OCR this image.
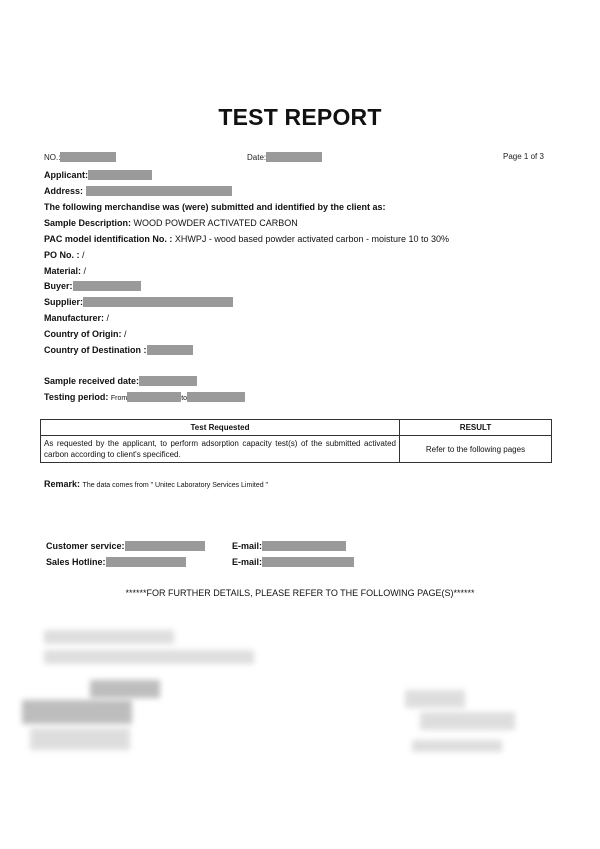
TEST REPORT
NO.:	Date:	Page 1 of 3
Applicant:
Address:
The following merchandise was (were) submitted and identified by the client as:
Sample Description: WOOD POWDER ACTIVATED CARBON
PAC model identification No. : XHWPJ - wood based powder activated carbon - moisture 10 to 30%
PO No. : /
Material: /
Buyer:
Supplier:
Manufacturer: /
Country of Origin: /
Country of Destination :
Sample received date:
Testing period: From	to
Test Requested	RESULT
As requested by the applicant, to perform adsorption capacity test(s) of the submitted activated carbon according to client's specificed.	Refer to the following pages
Remark: The data comes from " Unitec Laboratory Services Limited "
Customer service:	E-mail:
Sales Hotline:	E-mail:
******FOR FURTHER DETAILS, PLEASE REFER TO THE FOLLOWING PAGE(S)******
